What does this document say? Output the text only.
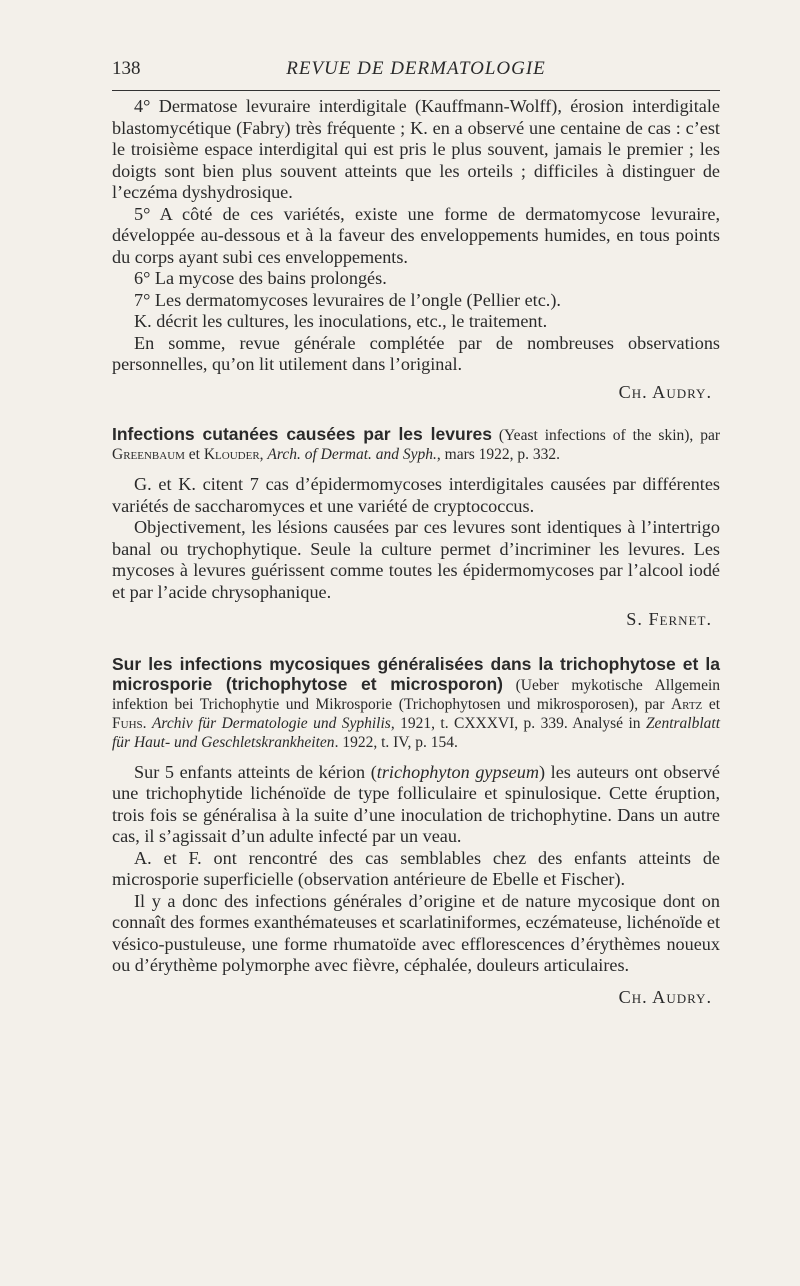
138	REVUE DE DERMATOLOGIE

4° Dermatose levuraire interdigitale (Kauffmann-Wolff), érosion interdigitale blastomycétique (Fabry) très fréquente ; K. en a observé une centaine de cas : c’est le troisième espace interdigital qui est pris le plus souvent, jamais le premier ; les doigts sont bien plus souvent atteints que les orteils ; difficiles à distinguer de l’eczéma dyshydrosique.

5° A côté de ces variétés, existe une forme de dermatomycose levuraire, développée au-dessous et à la faveur des enveloppements humides, en tous points du corps ayant subi ces enveloppements.

6° La mycose des bains prolongés.

7° Les dermatomycoses levuraires de l’ongle (Pellier etc.).

K. décrit les cultures, les inoculations, etc., le traitement.

En somme, revue générale complétée par de nombreuses observations personnelles, qu’on lit utilement dans l’original.

Ch. Audry.

Infections cutanées causées par les levures (Yeast infections of the skin), par Greenbaum et Klouder, Arch. of Dermat. and Syph., mars 1922, p. 332.

G. et K. citent 7 cas d’épidermomycoses interdigitales causées par différentes variétés de saccharomyces et une variété de cryptococcus.

Objectivement, les lésions causées par ces levures sont identiques à l’intertrigo banal ou trychophytique. Seule la culture permet d’incriminer les levures. Les mycoses à levures guérissent comme toutes les épidermomycoses par l’alcool iodé et par l’acide chrysophanique.

S. Fernet.

Sur les infections mycosiques généralisées dans la trichophytose et la microsporie (trichophytose et microsporon) (Ueber mykotische Allgemein infektion bei Trichophytie und Mikrosporie (Trichophytosen und mikrosporosen), par Artz et Fuhs. Archiv für Dermatologie und Syphilis, 1921, t. CXXXVI, p. 339. Analysé in Zentralblatt für Haut- und Geschletskrankheiten. 1922, t. IV, p. 154.

Sur 5 enfants atteints de kérion (trichophyton gypseum) les auteurs ont observé une trichophytide lichénoïde de type folliculaire et spinulosique. Cette éruption, trois fois se généralisa à la suite d’une inoculation de trichophytine. Dans un autre cas, il s’agissait d’un adulte infecté par un veau.

A. et F. ont rencontré des cas semblables chez des enfants atteints de microsporie superficielle (observation antérieure de Ebelle et Fischer).

Il y a donc des infections générales d’origine et de nature mycosique dont on connaît des formes exanthémateuses et scarlatiniformes, eczémateuse, lichénoïde et vésico-pustuleuse, une forme rhumatoïde avec efflorescences d’érythèmes noueux ou d’érythème polymorphe avec fièvre, céphalée, douleurs articulaires.

Ch. Audry.
